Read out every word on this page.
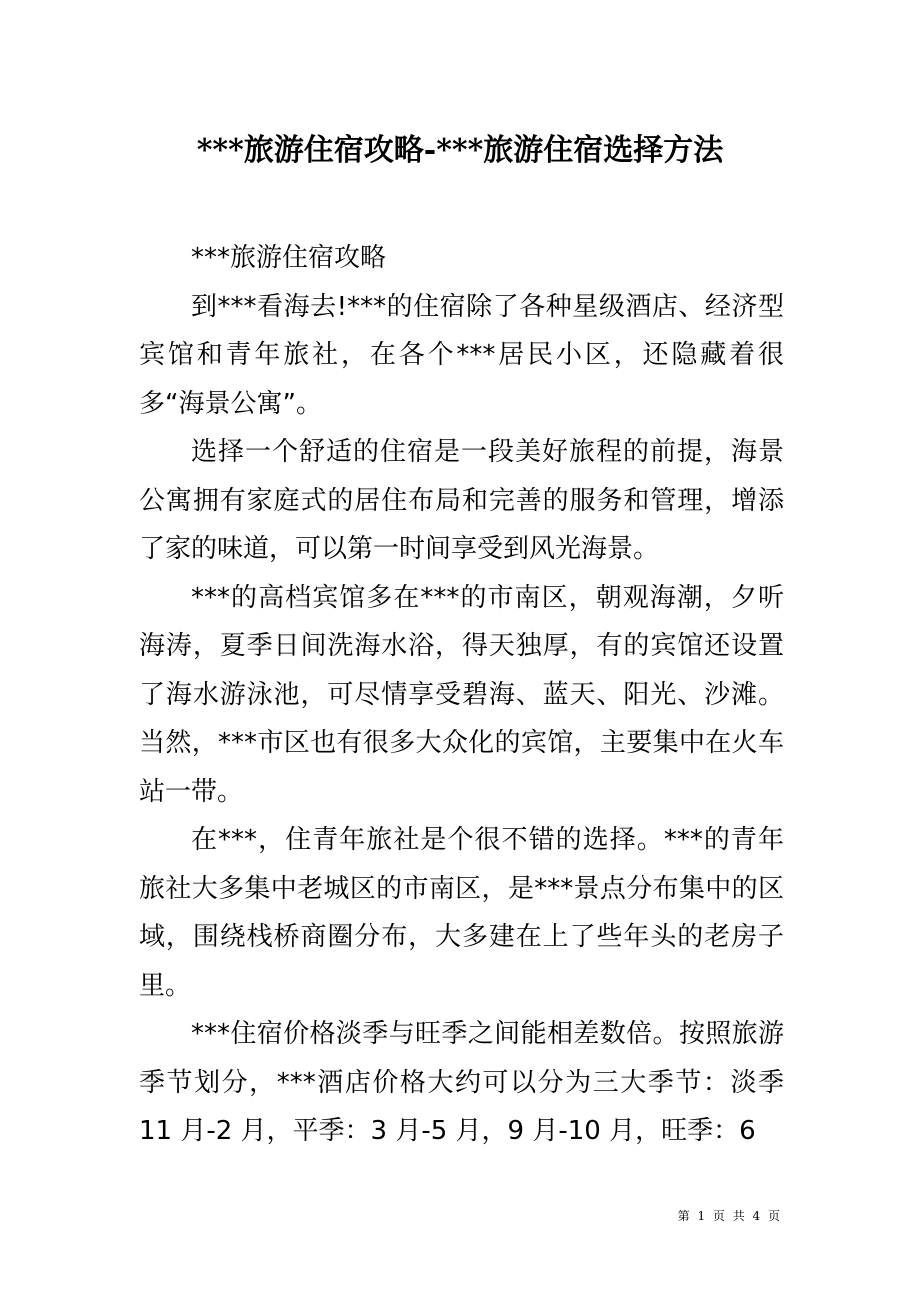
***旅游住宿攻略-***旅游住宿选择方法

***旅游住宿攻略

到***看海去!***的住宿除了各种星级酒店、经济型宾馆和青年旅社，在各个***居民小区，还隐藏着很多“海景公寓”。

选择一个舒适的住宿是一段美好旅程的前提，海景公寓拥有家庭式的居住布局和完善的服务和管理，增添了家的味道，可以第一时间享受到风光海景。

***的高档宾馆多在***的市南区，朝观海潮，夕听海涛，夏季日间洗海水浴，得天独厚，有的宾馆还设置了海水游泳池，可尽情享受碧海、蓝天、阳光、沙滩。当然，***市区也有很多大众化的宾馆，主要集中在火车站一带。

在***，住青年旅社是个很不错的选择。***的青年旅社大多集中老城区的市南区，是***景点分布集中的区域，围绕栈桥商圈分布，大多建在上了些年头的老房子里。

***住宿价格淡季与旺季之间能相差数倍。按照旅游季节划分，***酒店价格大约可以分为三大季节：淡季 11 月-2 月，平季：3 月-5 月，9 月-10 月，旺季：6

第 1 页 共 4 页
